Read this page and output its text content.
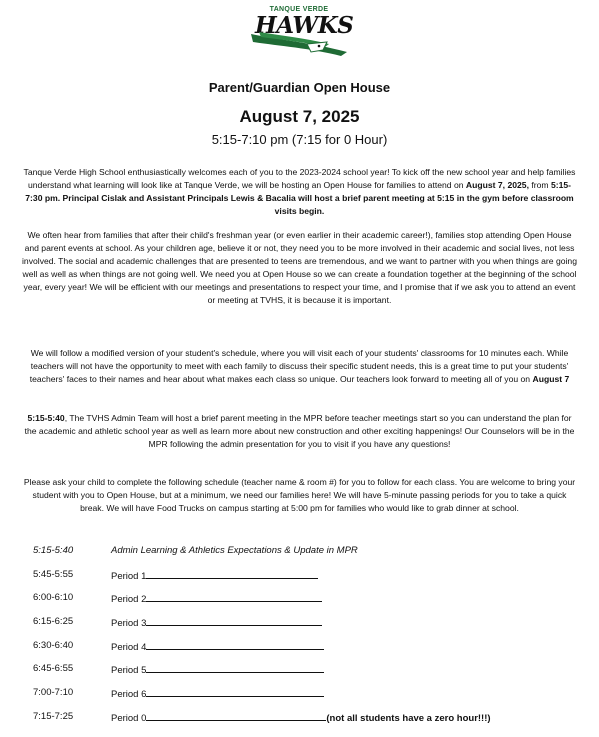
TANQUE VERDE
HAWKS
Parent/Guardian Open House
August 7, 2025
5:15-7:10 pm (7:15 for 0 Hour)
Tanque Verde High School enthusiastically welcomes each of you to the 2023-2024 school year! To kick off the new school year and help families understand what learning will look like at Tanque Verde, we will be hosting an Open House for families to attend on August 7, 2025, from 5:15-7:30 pm. Principal Cislak and Assistant Principals Lewis & Bacalia will host a brief parent meeting at 5:15 in the gym before classroom visits begin.
We often hear from families that after their child's freshman year (or even earlier in their academic career!), families stop attending Open House and parent events at school. As your children age, believe it or not, they need you to be more involved in their academic and social lives, not less involved. The social and academic challenges that are presented to teens are tremendous, and we want to partner with you when things are going well as well as when things are not going well. We need you at Open House so we can create a foundation together at the beginning of the school year, every year! We will be efficient with our meetings and presentations to respect your time, and I promise that if we ask you to attend an event or meeting at TVHS, it is because it is important.
We will follow a modified version of your student's schedule, where you will visit each of your students' classrooms for 10 minutes each. While teachers will not have the opportunity to meet with each family to discuss their specific student needs, this is a great time to put your students' teachers' faces to their names and hear about what makes each class so unique. Our teachers look forward to meeting all of you on August 7
5:15-5:40, The TVHS Admin Team will host a brief parent meeting in the MPR before teacher meetings start so you can understand the plan for the academic and athletic school year as well as learn more about new construction and other exciting happenings! Our Counselors will be in the MPR following the admin presentation for you to visit if you have any questions!
Please ask your child to complete the following schedule (teacher name & room #) for you to follow for each class. You are welcome to bring your student with you to Open House, but at a minimum, we need our families here! We will have 5-minute passing periods for you to take a quick break. We will have Food Trucks on campus starting at 5:00 pm for families who would like to grab dinner at school.
5:15-5:40	Admin Learning & Athletics Expectations & Update in MPR
5:45-5:55	Period 1
6:00-6:10	Period 2
6:15-6:25	Period 3
6:30-6:40	Period 4
6:45-6:55	Period 5
7:00-7:10	Period 6
7:15-7:25	Period 0	(not all students have a zero hour!!!)
